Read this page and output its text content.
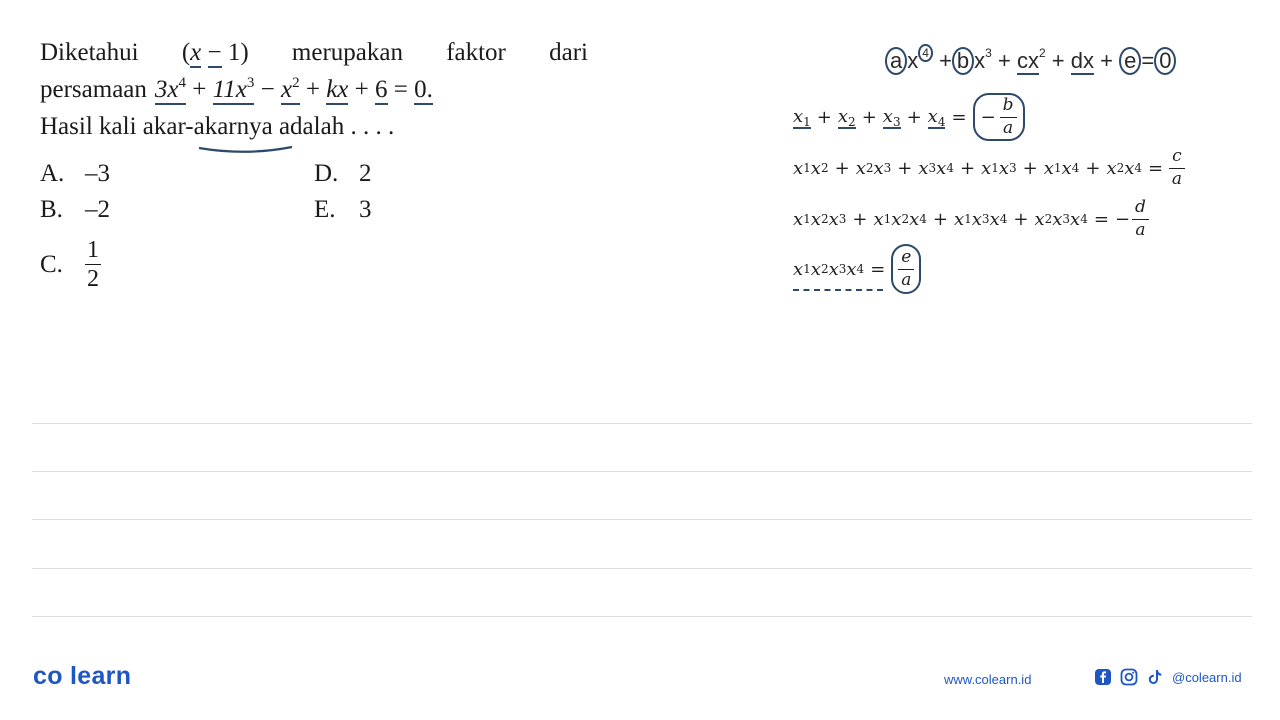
Diketahui (x − 1) merupakan faktor dari
persamaan $3x^4 + 11x^3 - x^2$ + kx + 6 = 0.
Hasil kali akar-akarnya adalah . . . .
A. –3
B. –2
C. $\frac{1}{2}$
D. 2
E. 3
a x $^4$ + b $x^3 + cx^2$ + dx + e = 0
$x_1 + x_2 + x_3 + x_4$ = − $\frac{b}{a}$
x 1 x 2 + x 2 x 3 + x 3 x 4 + x 1 x 3 + x 1 x 4 + x 2 x $4 = \frac{c}{a}$
x 1 x 2 x 3 + x 1 x 2 x 4 + x 1 x 3 x 4 + x 2 x 3 x 4 = − $\frac{d}{a}$
x 1 x 2 x 3 x $4 = \frac{e}{a}$
co learn	www.colearn.id	@colearn.id
